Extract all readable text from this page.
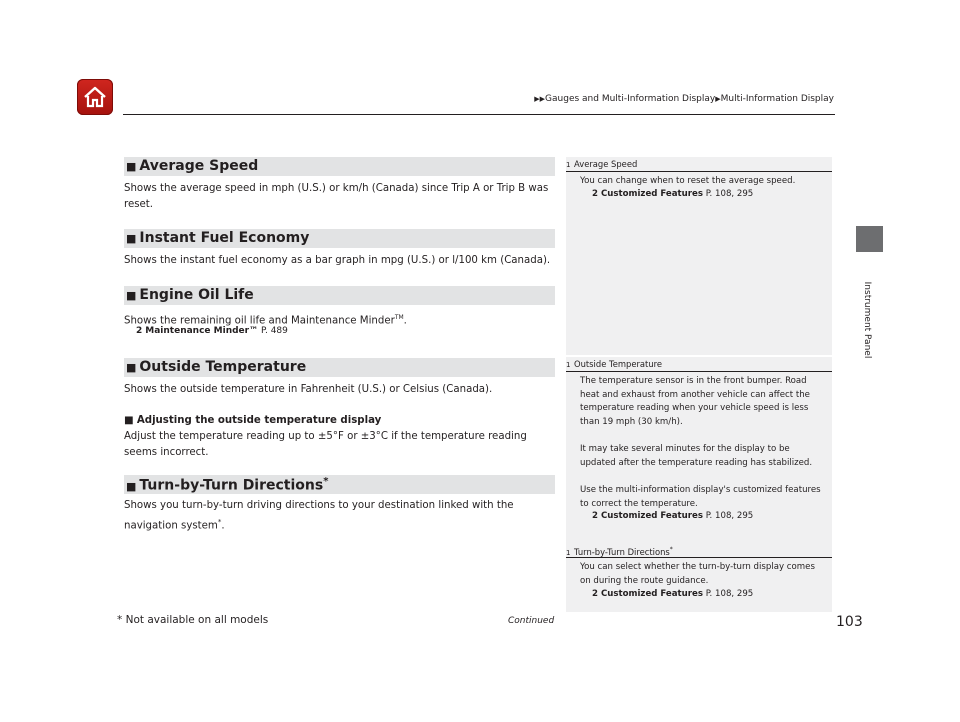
▶▶Gauges and Multi-Information Display▶Multi-Information Display
Instrument Panel
■ Average Speed
Shows the average speed in mph (U.S.) or km/h (Canada) since Trip A or Trip B was reset.
■ Instant Fuel Economy
Shows the instant fuel economy as a bar graph in mpg (U.S.) or l/100 km (Canada).
■ Engine Oil Life
Shows the remaining oil life and Maintenance Minder™.
2 Maintenance Minder™ P. 489
■ Outside Temperature
Shows the outside temperature in Fahrenheit (U.S.) or Celsius (Canada).
■ Adjusting the outside temperature display
Adjust the temperature reading up to ±5°F or ±3°C if the temperature reading seems incorrect.
■ Turn-by-Turn Directions*
Shows you turn-by-turn driving directions to your destination linked with the navigation system*.
1 Average Speed
You can change when to reset the average speed.
2 Customized Features P. 108, 295
1 Outside Temperature
The temperature sensor is in the front bumper. Road heat and exhaust from another vehicle can affect the temperature reading when your vehicle speed is less than 19 mph (30 km/h).
It may take several minutes for the display to be updated after the temperature reading has stabilized.
Use the multi-information display's customized features to correct the temperature.
2 Customized Features P. 108, 295
1 Turn-by-Turn Directions*
You can select whether the turn-by-turn display comes on during the route guidance.
2 Customized Features P. 108, 295
* Not available on all models	Continued	103
